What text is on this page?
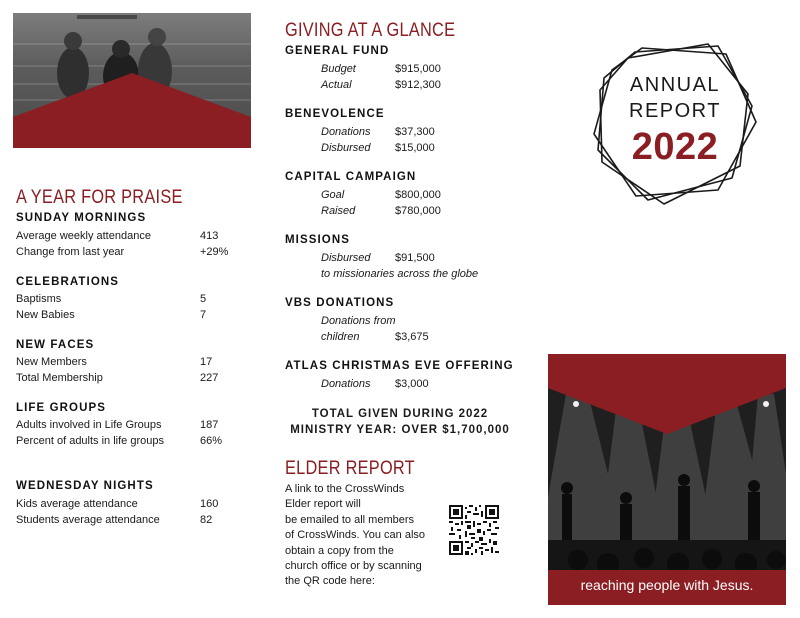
A YEAR FOR PRAISE
SUNDAY MORNINGS
Average weekly attendance	413
Change from last year	+29%
CELEBRATIONS
Baptisms	5
New Babies	7
NEW FACES
New Members	17
Total Membership	227
LIFE GROUPS
Adults involved in Life Groups	187
Percent of adults in life groups	66%
WEDNESDAY NIGHTS
Kids average attendance	160
Students average attendance	82
GIVING AT A GLANCE
GENERAL FUND
Budget	$915,000
Actual	$912,300
BENEVOLENCE
Donations $37,300
Disbursed $15,000
CAPITAL CAMPAIGN
Goal	$800,000
Raised	$780,000
MISSIONS
Disbursed $91,500
to missionaries across the globe
VBS DONATIONS
Donations from
children	$3,675
ATLAS CHRISTMAS EVE OFFERING
Donations $3,000
TOTAL GIVEN DURING 2022
MINISTRY YEAR: OVER $1,700,000
ELDER REPORT
A link to the CrossWinds
Elder report will
be emailed to all members
of CrossWinds. You can also
obtain a copy from the
church office or by scanning
the QR code here:
ANNUAL
REPORT
2022
reaching people with Jesus.
